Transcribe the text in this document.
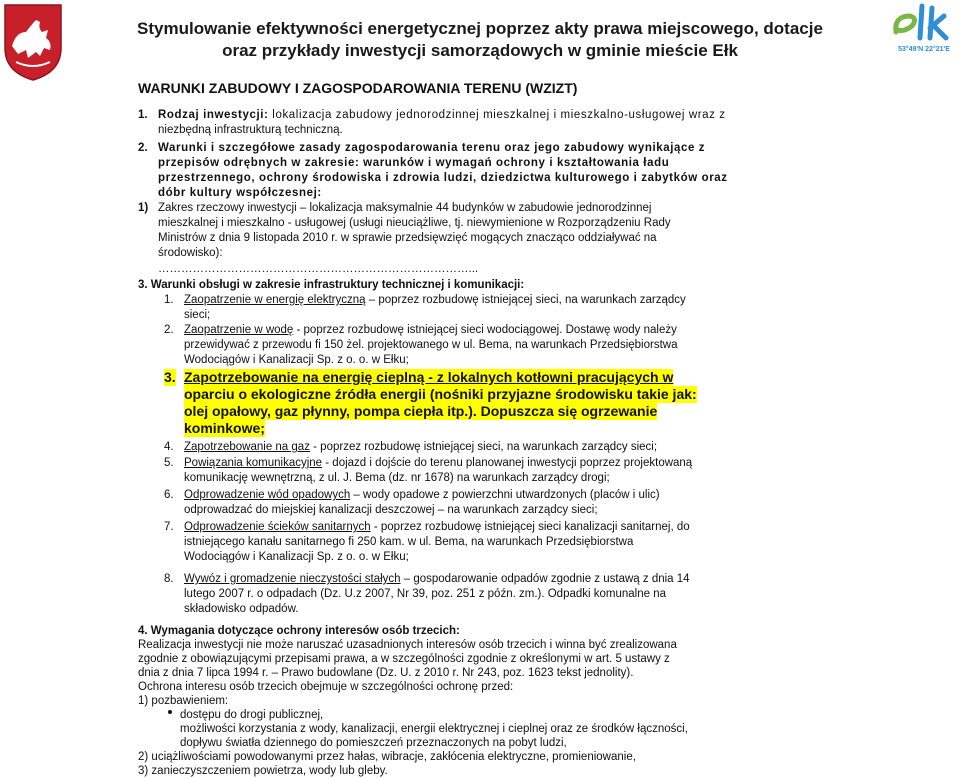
53°49'N 22°21'E
Stymulowanie efektywności energetycznej poprzez akty prawa miejscowego, dotacje
oraz przykłady inwestycji samorządowych w gminie mieście Ełk
WARUNKI ZABUDOWY I ZAGOSPODAROWANIA TERENU (WZIZT)
1. Rodzaj inwestycji: lokalizacja zabudowy jednorodzinnej mieszkalnej i mieszkalno-usługowej wraz z
niezbędną infrastrukturą techniczną.
2. Warunki i szczegółowe zasady zagospodarowania terenu oraz jego zabudowy wynikające z
przepisów odrębnych w zakresie: warunków i wymagań ochrony i kształtowania ładu
przestrzennego, ochrony środowiska i zdrowia ludzi, dziedzictwa kulturowego i zabytków oraz
dóbr kultury współczesnej:
1) Zakres rzeczowy inwestycji – lokalizacja maksymalnie 44 budynków w zabudowie jednorodzinnej
mieszkalnej i mieszkalno - usługowej (usługi nieuciążliwe, tj. niewymienione w Rozporządzeniu Rady
Ministrów z dnia 9 listopada 2010 r. w sprawie przedsięwzięć mogących znacząco oddziaływać na
środowisko):
………………………………………………………………………...
3. Warunki obsługi w zakresie infrastruktury technicznej i komunikacji:
1. Zaopatrzenie w energię elektryczną – poprzez rozbudowę istniejącej sieci, na warunkach zarządcy
sieci;
2. Zaopatrzenie w wodę - poprzez rozbudowę istniejącej sieci wodociągowej. Dostawę wody należy
przewidywać z przewodu fi 150 żel. projektowanego w ul. Bema, na warunkach Przedsiębiorstwa
Wodociągów i Kanalizacji Sp. z o. o. w Ełku;
3. Zapotrzebowanie na energię cieplną - z lokalnych kotłowni pracujących w
oparciu o ekologiczne źródła energii (nośniki przyjazne środowisku takie jak:
olej opałowy, gaz płynny, pompa ciepła itp.). Dopuszcza się ogrzewanie
kominkowe;
4. Zapotrzebowanie na gaz - poprzez rozbudowę istniejącej sieci, na warunkach zarządcy sieci;
5. Powiązania komunikacyjne - dojazd i dojście do terenu planowanej inwestycji poprzez projektowaną
komunikację wewnętrzną, z ul. J. Bema (dz. nr 1678) na warunkach zarządcy drogi;
6. Odprowadzenie wód opadowych – wody opadowe z powierzchni utwardzonych (placów i ulic)
odprowadzać do miejskiej kanalizacji deszczowej – na warunkach zarządcy sieci;
7. Odprowadzenie ścieków sanitarnych - poprzez rozbudowę istniejącej sieci kanalizacji sanitarnej, do
istniejącego kanału sanitarnego fi 250 kam. w ul. Bema, na warunkach Przedsiębiorstwa
Wodociągów i Kanalizacji Sp. z o. o. w Ełku;
8. Wywóz i gromadzenie nieczystości stałych – gospodarowanie odpadów zgodnie z ustawą z dnia 14
lutego 2007 r. o odpadach (Dz. U.z 2007, Nr 39, poz. 251 z późn. zm.). Odpadki komunalne na
składowisko odpadów.
4. Wymagania dotyczące ochrony interesów osób trzecich:
Realizacja inwestycji nie może naruszać uzasadnionych interesów osób trzecich i winna być zrealizowana
zgodnie z obowiązującymi przepisami prawa, a w szczególności zgodnie z określonymi w art. 5 ustawy z
dnia z dnia 7 lipca 1994 r. – Prawo budowlane (Dz. U. z 2010 r. Nr 243, poz. 1623 tekst jednolity).
Ochrona interesu osób trzecich obejmuje w szczególności ochronę przed:
1) pozbawieniem:
dostępu do drogi publicznej,
możliwości korzystania z wody, kanalizacji, energii elektrycznej i cieplnej oraz ze środków łączności,
dopływu światła dziennego do pomieszczeń przeznaczonych na pobyt ludzi,
2) uciążliwościami powodowanymi przez hałas, wibracje, zakłócenia elektryczne, promieniowanie,
3) zanieczyszczeniem powietrza, wody lub gleby.
